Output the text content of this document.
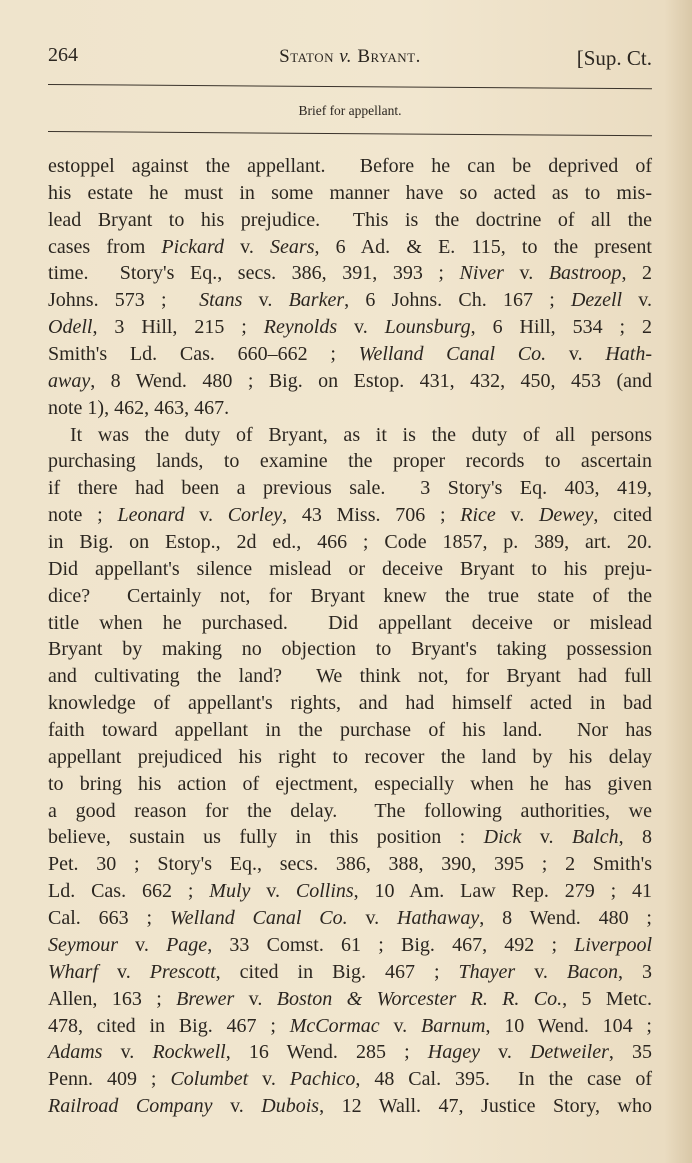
264	Staton v. Bryant.	[Sup. Ct.
Brief for appellant.
estoppel against the appellant.  Before he can be deprived of
his estate he must in some manner have so acted as to mis-
lead Bryant to his prejudice.  This is the doctrine of all the
cases from Pickard v. Sears, 6 Ad. & E. 115, to the present
time.  Story's Eq., secs. 386, 391, 393 ; Niver v. Bastroop, 2
Johns. 573 ;  Stans v. Barker, 6 Johns. Ch. 167 ; Dezell v.
Odell, 3 Hill, 215 ; Reynolds v. Lounsburg, 6 Hill, 534 ; 2
Smith's Ld. Cas. 660–662 ; Welland Canal Co. v. Hath-
away, 8 Wend. 480 ; Big. on Estop. 431, 432, 450, 453 (and
note 1), 462, 463, 467.
It was the duty of Bryant, as it is the duty of all persons
purchasing lands, to examine the proper records to ascertain
if there had been a previous sale.  3 Story's Eq. 403, 419,
note ; Leonard v. Corley, 43 Miss. 706 ; Rice v. Dewey, cited
in Big. on Estop., 2d ed., 466 ; Code 1857, p. 389, art. 20.
Did appellant's silence mislead or deceive Bryant to his preju-
dice?  Certainly not, for Bryant knew the true state of the
title when he purchased.  Did appellant deceive or mislead
Bryant by making no objection to Bryant's taking possession
and cultivating the land?  We think not, for Bryant had full
knowledge of appellant's rights, and had himself acted in bad
faith toward appellant in the purchase of his land.  Nor has
appellant prejudiced his right to recover the land by his delay
to bring his action of ejectment, especially when he has given
a good reason for the delay.  The following authorities, we
believe, sustain us fully in this position : Dick v. Balch, 8
Pet. 30 ; Story's Eq., secs. 386, 388, 390, 395 ; 2 Smith's
Ld. Cas. 662 ; Muly v. Collins, 10 Am. Law Rep. 279 ; 41
Cal. 663 ; Welland Canal Co. v. Hathaway, 8 Wend. 480 ;
Seymour v. Page, 33 Comst. 61 ; Big. 467, 492 ; Liverpool
Wharf v. Prescott, cited in Big. 467 ; Thayer v. Bacon, 3
Allen, 163 ; Brewer v. Boston & Worcester R. R. Co., 5 Metc.
478, cited in Big. 467 ; McCormac v. Barnum, 10 Wend. 104 ;
Adams v. Rockwell, 16 Wend. 285 ; Hagey v. Detweiler, 35
Penn. 409 ; Columbet v. Pachico, 48 Cal. 395.  In the case of
Railroad Company v. Dubois, 12 Wall. 47, Justice Story, who
